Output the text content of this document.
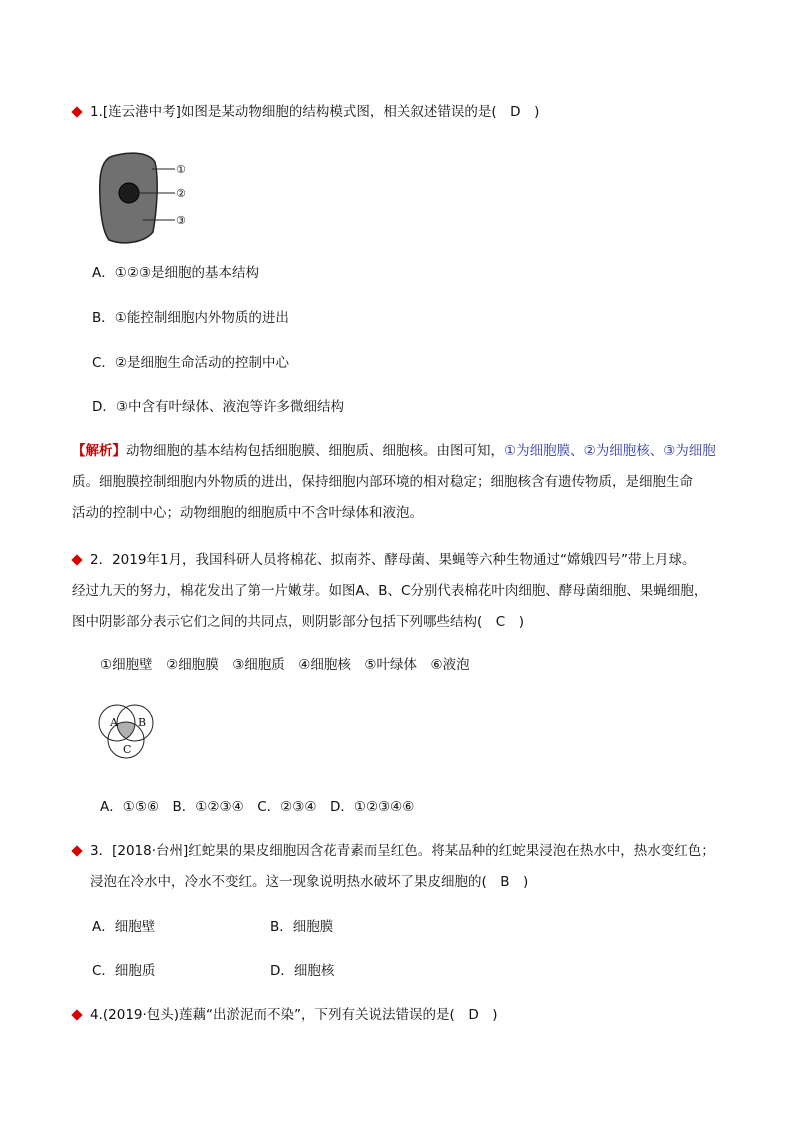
1.[连云港中考]如图是某动物细胞的结构模式图，相关叙述错误的是(　D　)
①
②
③
A．①②③是细胞的基本结构
B．①能控制细胞内外物质的进出
C．②是细胞生命活动的控制中心
D．③中含有叶绿体、液泡等许多微细结构
【解析】动物细胞的基本结构包括细胞膜、细胞质、细胞核。由图可知，①为细胞膜、②为细胞核、③为细胞
质。细胞膜控制细胞内外物质的进出，保持细胞内部环境的相对稳定；细胞核含有遗传物质，是细胞生命
活动的控制中心；动物细胞的细胞质中不含叶绿体和液泡。
2．2019年1月，我国科研人员将棉花、拟南芥、酵母菌、果蝇等六种生物通过“嫦娥四号”带上月球。
经过九天的努力，棉花发出了第一片嫩芽。如图A、B、C分别代表棉花叶肉细胞、酵母菌细胞、果蝇细胞，
图中阴影部分表示它们之间的共同点，则阴影部分包括下列哪些结构(　C　)
①细胞壁　②细胞膜　③细胞质　④细胞核　⑤叶绿体　⑥液泡
A B
C
A．①⑤⑥　B．①②③④　C．②③④　D．①②③④⑥
3．[2018·台州]红蛇果的果皮细胞因含花青素而呈红色。将某品种的红蛇果浸泡在热水中，热水变红色；
浸泡在冷水中，冷水不变红。这一现象说明热水破坏了果皮细胞的(　B　)
A．细胞壁	B．细胞膜
C．细胞质	D．细胞核
4.(2019·包头)莲藕“出淤泥而不染”，下列有关说法错误的是(　D　)
